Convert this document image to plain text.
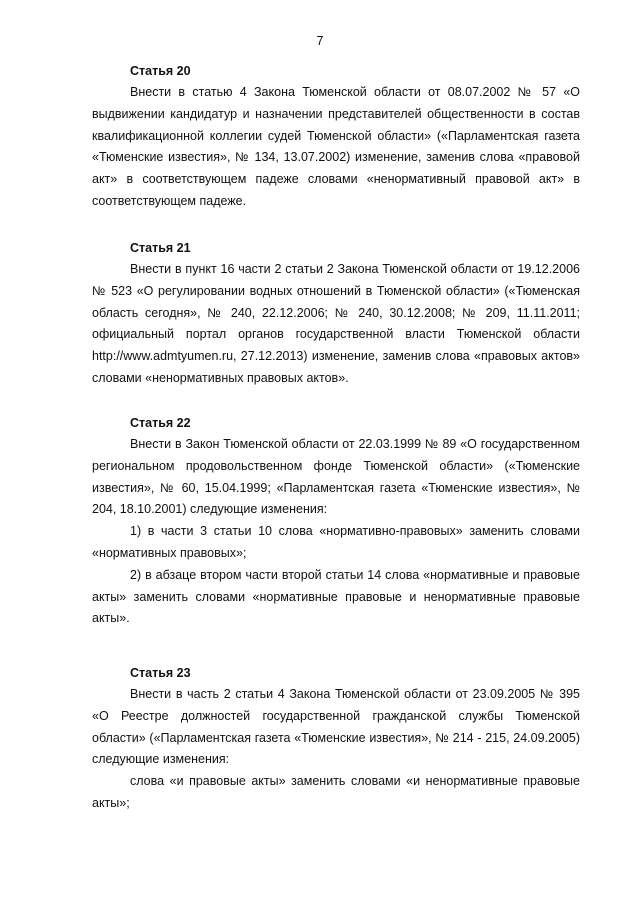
7
Статья 20

Внести в статью 4 Закона Тюменской области от 08.07.2002 № 57 «О выдвижении кандидатур и назначении представителей общественности в состав квалификационной коллегии судей Тюменской области» («Парламентская газета «Тюменские известия», № 134, 13.07.2002) изменение, заменив слова «правовой акт» в соответствующем падеже словами «ненормативный правовой акт» в соответствующем падеже.

Статья 21

Внести в пункт 16 части 2 статьи 2 Закона Тюменской области от 19.12.2006 № 523 «О регулировании водных отношений в Тюменской области» («Тюменская область сегодня», № 240, 22.12.2006; № 240, 30.12.2008; № 209, 11.11.2011; официальный портал органов государственной власти Тюменской области http://www.admtyumen.ru, 27.12.2013) изменение, заменив слова «правовых актов» словами «ненормативных правовых актов».

Статья 22

Внести в Закон Тюменской области от 22.03.1999 № 89 «О государственном региональном продовольственном фонде Тюменской области» («Тюменские известия», № 60, 15.04.1999; «Парламентская газета «Тюменские известия», № 204, 18.10.2001) следующие изменения:

1) в части 3 статьи 10 слова «нормативно-правовых» заменить словами «нормативных правовых»;

2) в абзаце втором части второй статьи 14 слова «нормативные и правовые акты» заменить словами «нормативные правовые и ненормативные правовые акты».

Статья 23

Внести в часть 2 статьи 4 Закона Тюменской области от 23.09.2005 № 395 «О Реестре должностей государственной гражданской службы Тюменской области» («Парламентская газета «Тюменские известия», № 214 - 215, 24.09.2005) следующие изменения:

слова «и правовые акты» заменить словами «и ненормативные правовые акты»;
